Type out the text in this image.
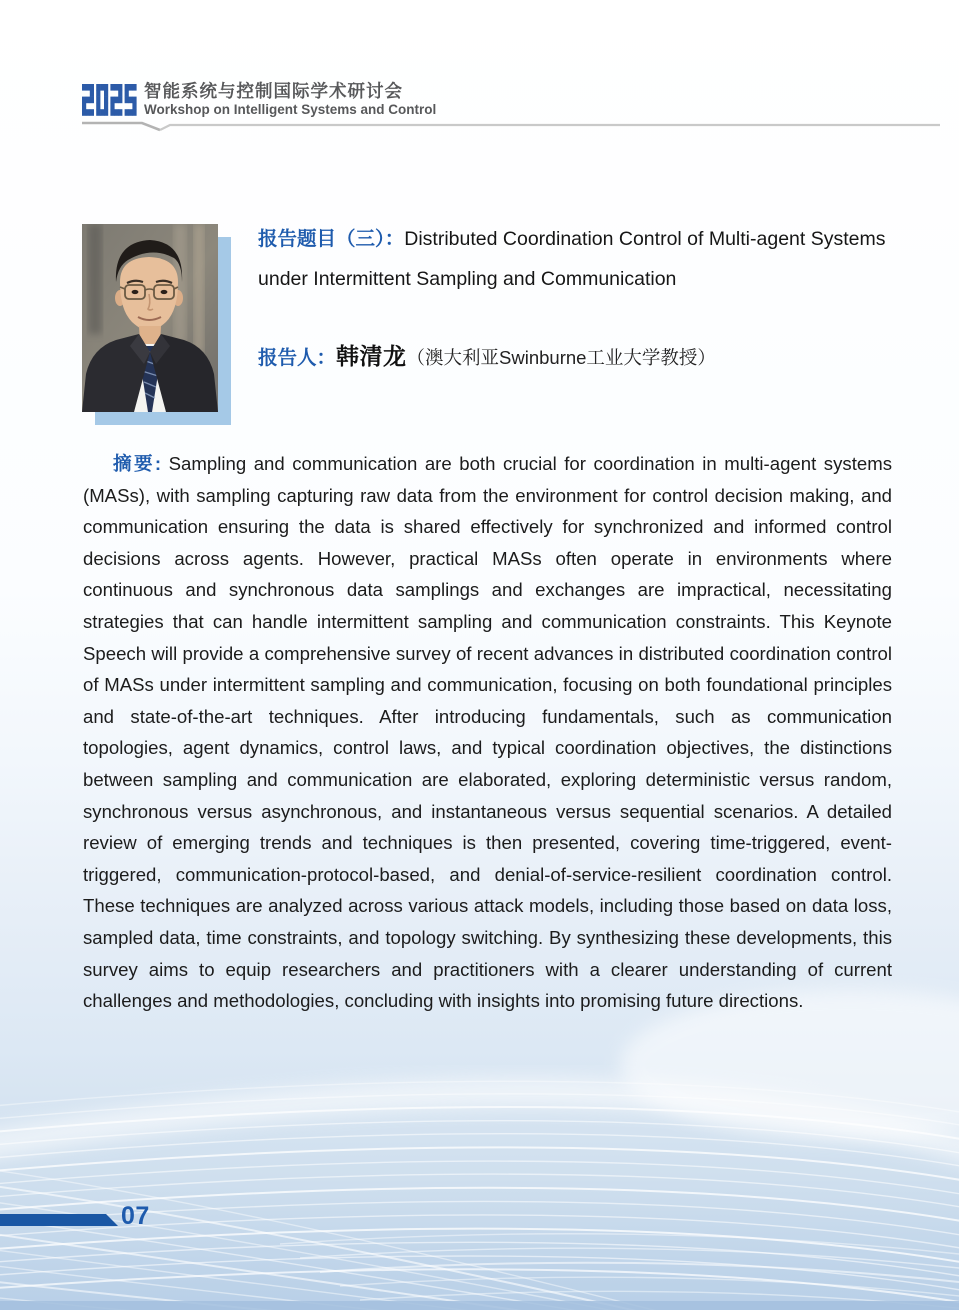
智能系统与控制国际学术研讨会
Workshop on Intelligent Systems and Control

报告题目（三）：Distributed Coordination Control of Multi-agent Systems under Intermittent Sampling and Communication

报告人：韩清龙（澳大利亚Swinburne工业大学教授）

摘要: Sampling and communication are both crucial for coordination in multi-agent systems (MASs), with sampling capturing raw data from the environment for control decision making, and communication ensuring the data is shared effectively for synchronized and informed control decisions across agents. However, practical MASs often operate in environments where continuous and synchronous data samplings and exchanges are impractical, necessitating strategies that can handle intermittent sampling and communication constraints. This Keynote Speech will provide a comprehensive survey of recent advances in distributed coordination control of MASs under intermittent sampling and communication, focusing on both foundational principles and state-of-the-art techniques. After introducing fundamentals, such as communication topologies, agent dynamics, control laws, and typical coordination objectives, the distinctions between sampling and communication are elaborated, exploring deterministic versus random, synchronous versus asynchronous, and instantaneous versus sequential scenarios. A detailed review of emerging trends and techniques is then presented, covering time-triggered, event-triggered, communication-protocol-based, and denial-of-service-resilient coordination control. These techniques are analyzed across various attack models, including those based on data loss, sampled data, time constraints, and topology switching. By synthesizing these developments, this survey aims to equip researchers and practitioners with a clearer understanding of current challenges and methodologies, concluding with insights into promising future directions.

07
